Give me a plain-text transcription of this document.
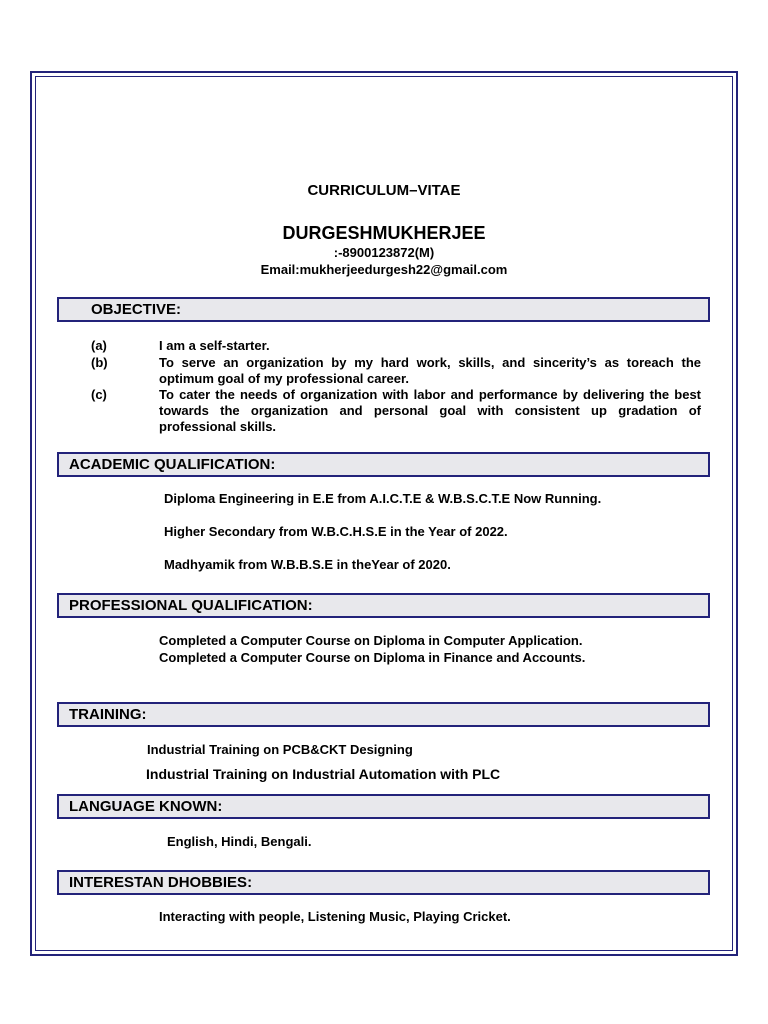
CURRICULUM–VITAE
DURGESHMUKHERJEE
:-8900123872(M)
Email:mukherjeedurgesh22@gmail.com
OBJECTIVE:
(a)	I am a self-starter.
(b)	To serve an organization by my hard work, skills, and sincerity’s as toreach the optimum goal of my professional career.
(c)	To cater the needs of organization with labor and performance by delivering the best towards the organization and personal goal with consistent up gradation of professional skills.
ACADEMIC QUALIFICATION:
Diploma Engineering in E.E from A.I.C.T.E & W.B.S.C.T.E Now Running.
Higher Secondary from W.B.C.H.S.E in the Year of 2022.
Madhyamik from W.B.B.S.E in theYear of 2020.
PROFESSIONAL QUALIFICATION:
Completed a Computer Course on Diploma in Computer Application.
Completed a Computer Course on Diploma in Finance and Accounts.
TRAINING:
Industrial Training on PCB&CKT Designing
Industrial Training on Industrial Automation with PLC
LANGUAGE KNOWN:
English, Hindi, Bengali.
INTERESTAN DHOBBIES:
Interacting with people, Listening Music, Playing Cricket.
